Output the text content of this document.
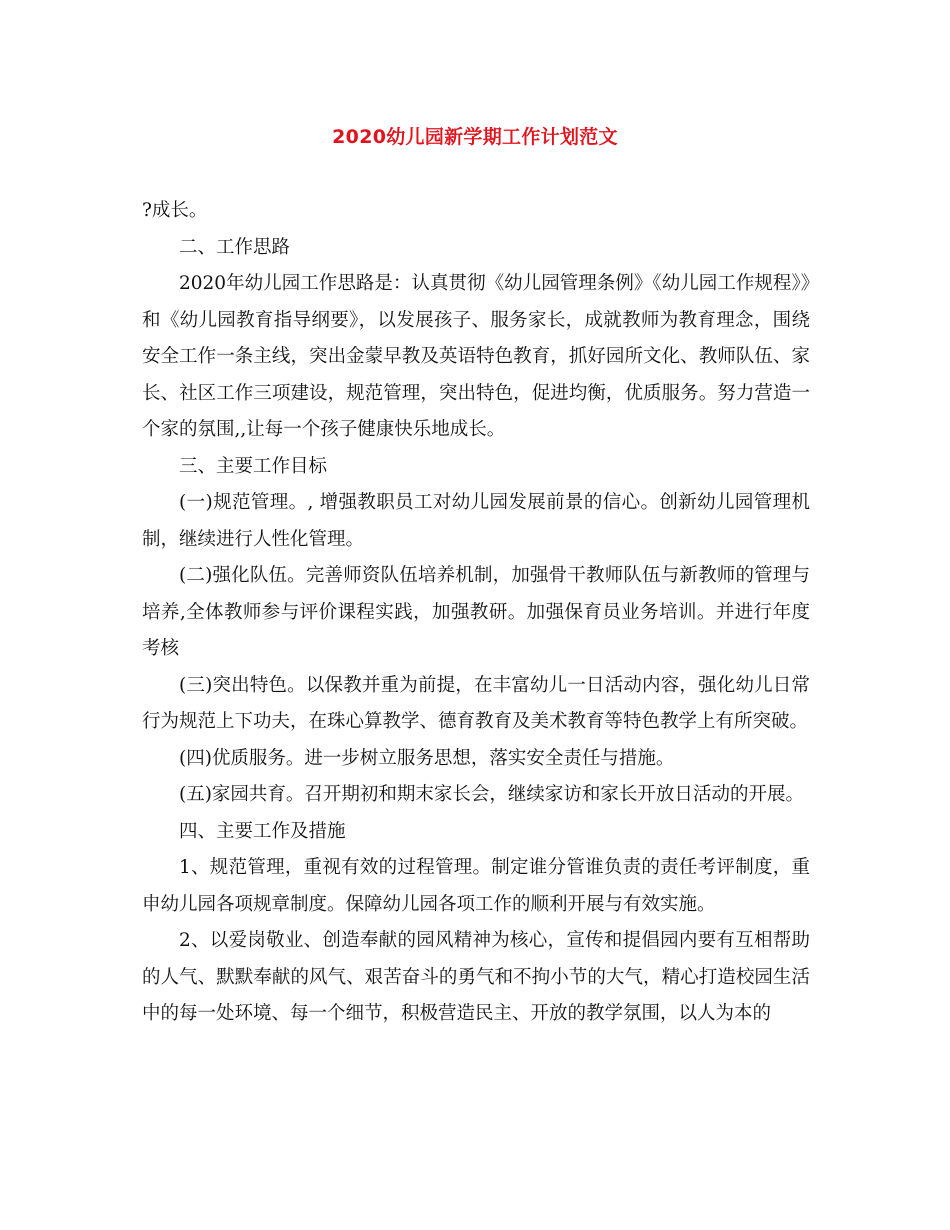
2020幼儿园新学期工作计划范文

?成长。

二、工作思路

2020年幼儿园工作思路是：认真贯彻《幼儿园管理条例》《幼儿园工作规程》》和《幼儿园教育指导纲要》，以发展孩子、服务家长，成就教师为教育理念，围绕安全工作一条主线，突出金蒙早教及英语特色教育，抓好园所文化、教师队伍、家长、社区工作三项建设，规范管理，突出特色，促进均衡，优质服务。努力营造一个家的氛围,,让每一个孩子健康快乐地成长。

三、主要工作目标

(一)规范管理。, 增强教职员工对幼儿园发展前景的信心。创新幼儿园管理机制，继续进行人性化管理。

(二)强化队伍。完善师资队伍培养机制，加强骨干教师队伍与新教师的管理与培养,全体教师参与评价课程实践，加强教研。加强保育员业务培训。并进行年度考核

(三)突出特色。以保教并重为前提，在丰富幼儿一日活动内容，强化幼儿日常行为规范上下功夫，在珠心算教学、德育教育及美术教育等特色教学上有所突破。

(四)优质服务。进一步树立服务思想，落实安全责任与措施。

(五)家园共育。召开期初和期末家长会，继续家访和家长开放日活动的开展。

四、主要工作及措施

1、规范管理，重视有效的过程管理。制定谁分管谁负责的责任考评制度，重申幼儿园各项规章制度。保障幼儿园各项工作的顺利开展与有效实施。

2、以爱岗敬业、创造奉献的园风精神为核心，宣传和提倡园内要有互相帮助的人气、默默奉献的风气、艰苦奋斗的勇气和不拘小节的大气，精心打造校园生活中的每一处环境、每一个细节，积极营造民主、开放的教学氛围，以人为本的
